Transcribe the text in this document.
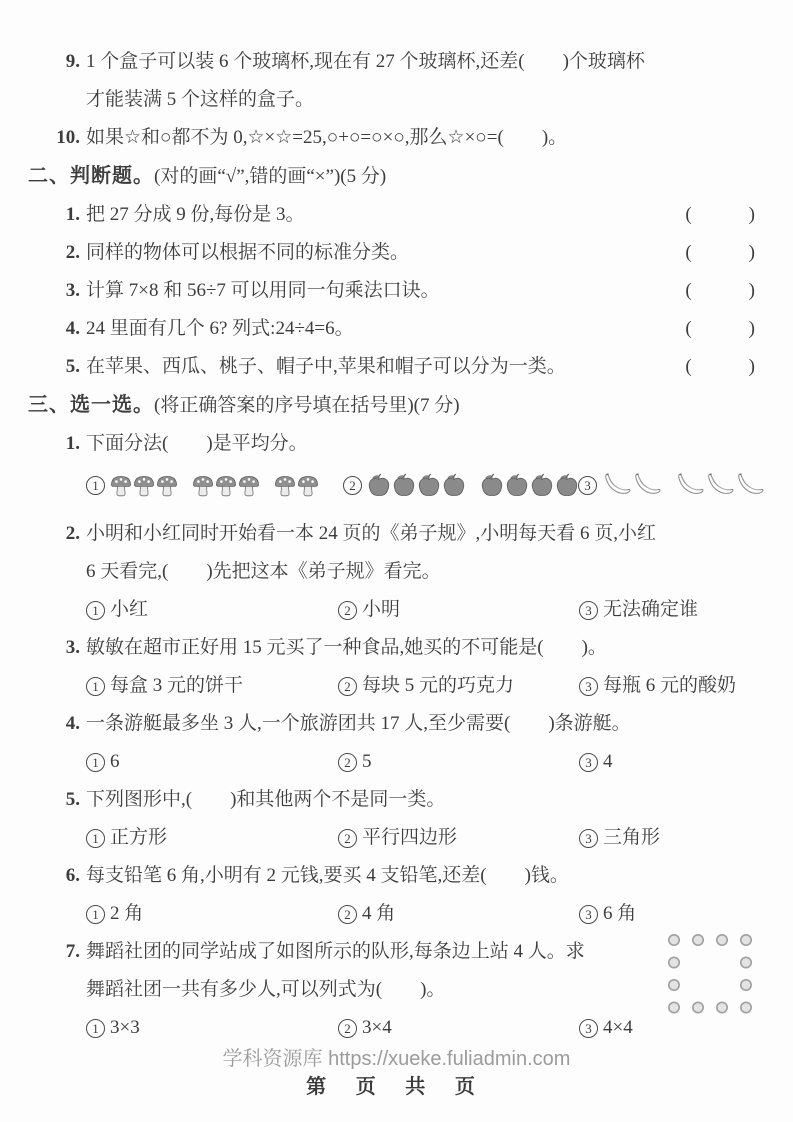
9. 1 个盒子可以装 6 个玻璃杯,现在有 27 个玻璃杯,还差(　　)个玻璃杯
才能装满 5 个这样的盒子。
10. 如果☆和○都不为 0,☆×☆=25,○+○=○×○,那么☆×○=(　　)。
二、判断题。(对的画“√”,错的画“×”)(5 分)
1. 把 27 分成 9 份,每份是 3。	(　　　)
2. 同样的物体可以根据不同的标准分类。	(　　　)
3. 计算 7×8 和 56÷7 可以用同一句乘法口诀。	(　　　)
4. 24 里面有几个 6? 列式:24÷4=6。	(　　　)
5. 在苹果、西瓜、桃子、帽子中,苹果和帽子可以分为一类。	(　　　)
三、选一选。(将正确答案的序号填在括号里)(7 分)
1. 下面分法(　　)是平均分。
1	2	3
2. 小明和小红同时开始看一本 24 页的《弟子规》,小明每天看 6 页,小红
6 天看完,(　　)先把这本《弟子规》看完。
1 小红	2 小明	3 无法确定谁
3. 敏敏在超市正好用 15 元买了一种食品,她买的不可能是(　　)。
1 每盒 3 元的饼干	2 每块 5 元的巧克力	3 每瓶 6 元的酸奶
4. 一条游艇最多坐 3 人,一个旅游团共 17 人,至少需要(　　)条游艇。
1 6	2 5	3 4
5. 下列图形中,(　　)和其他两个不是同一类。
1 正方形	2 平行四边形	3 三角形
6. 每支铅笔 6 角,小明有 2 元钱,要买 4 支铅笔,还差(　　)钱。
1 2 角	2 4 角	3 6 角
7. 舞蹈社团的同学站成了如图所示的队形,每条边上站 4 人。求
舞蹈社团一共有多少人,可以列式为(　　)。
1 3×3	2 3×4	3 4×4
学科资源库 https://xueke.fuliadmin.com
第 页 共 页
